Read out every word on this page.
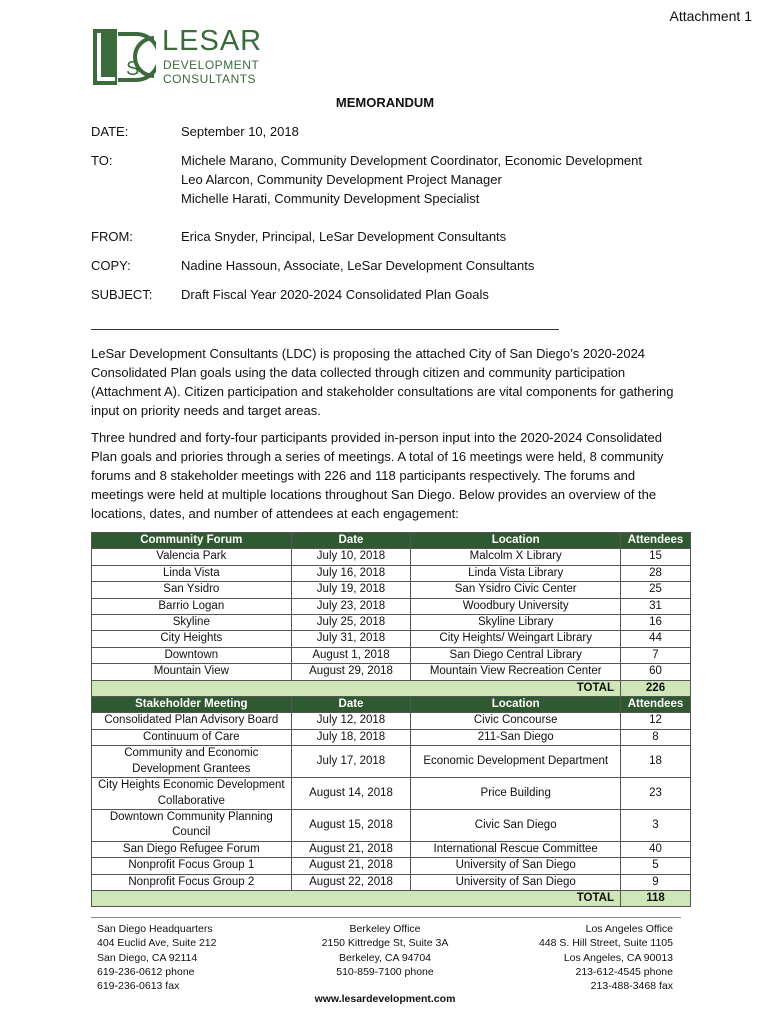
Attachment 1
S
LESAR
DEVELOPMENT
CONSULTANTS
MEMORANDUM
DATE:	September 10, 2018
TO:	Michele Marano, Community Development Coordinator, Economic Development
Leo Alarcon, Community Development Project Manager
Michelle Harati, Community Development Specialist
FROM:	Erica Snyder, Principal, LeSar Development Consultants
COPY:	Nadine Hassoun, Associate, LeSar Development Consultants
SUBJECT:	Draft Fiscal Year 2020-2024 Consolidated Plan Goals
LeSar Development Consultants (LDC) is proposing the attached City of San Diego’s 2020-2024 Consolidated Plan goals using the data collected through citizen and community participation (Attachment A). Citizen participation and stakeholder consultations are vital components for gathering input on priority needs and target areas.
Three hundred and forty-four participants provided in-person input into the 2020-2024 Consolidated Plan goals and priories through a series of meetings. A total of 16 meetings were held, 8 community forums and 8 stakeholder meetings with 226 and 118 participants respectively. The forums and meetings were held at multiple locations throughout San Diego. Below provides an overview of the locations, dates, and number of attendees at each engagement:
Community Forum	Date	Location	Attendees
Valencia Park	July 10, 2018	Malcolm X Library	15
Linda Vista	July 16, 2018	Linda Vista Library	28
San Ysidro	July 19, 2018	San Ysidro Civic Center	25
Barrio Logan	July 23, 2018	Woodbury University	31
Skyline	July 25, 2018	Skyline Library	16
City Heights	July 31, 2018	City Heights/ Weingart Library	44
Downtown	August 1, 2018	San Diego Central Library	7
Mountain View	August 29, 2018	Mountain View Recreation Center	60
TOTAL			226
Stakeholder Meeting	Date	Location	Attendees
Consolidated Plan Advisory Board	July 12, 2018	Civic Concourse	12
Continuum of Care	July 18, 2018	211-San Diego	8
Community and Economic Development Grantees	July 17, 2018	Economic Development Department	18
City Heights Economic Development Collaborative	August 14, 2018	Price Building	23
Downtown Community Planning Council	August 15, 2018	Civic San Diego	3
San Diego Refugee Forum	August 21, 2018	International Rescue Committee	40
Nonprofit Focus Group 1	August 21, 2018	University of San Diego	5
Nonprofit Focus Group 2	August 22, 2018	University of San Diego	9
TOTAL			118
San Diego Headquarters
404 Euclid Ave, Suite 212
San Diego, CA 92114
619-236-0612 phone
619-236-0613 fax
Berkeley Office
2150 Kittredge St, Suite 3A
Berkeley, CA 94704
510-859-7100 phone
Los Angeles Office
448 S. Hill Street, Suite 1105
Los Angeles, CA 90013
213-612-4545 phone
213-488-3468 fax
www.lesardevelopment.com
